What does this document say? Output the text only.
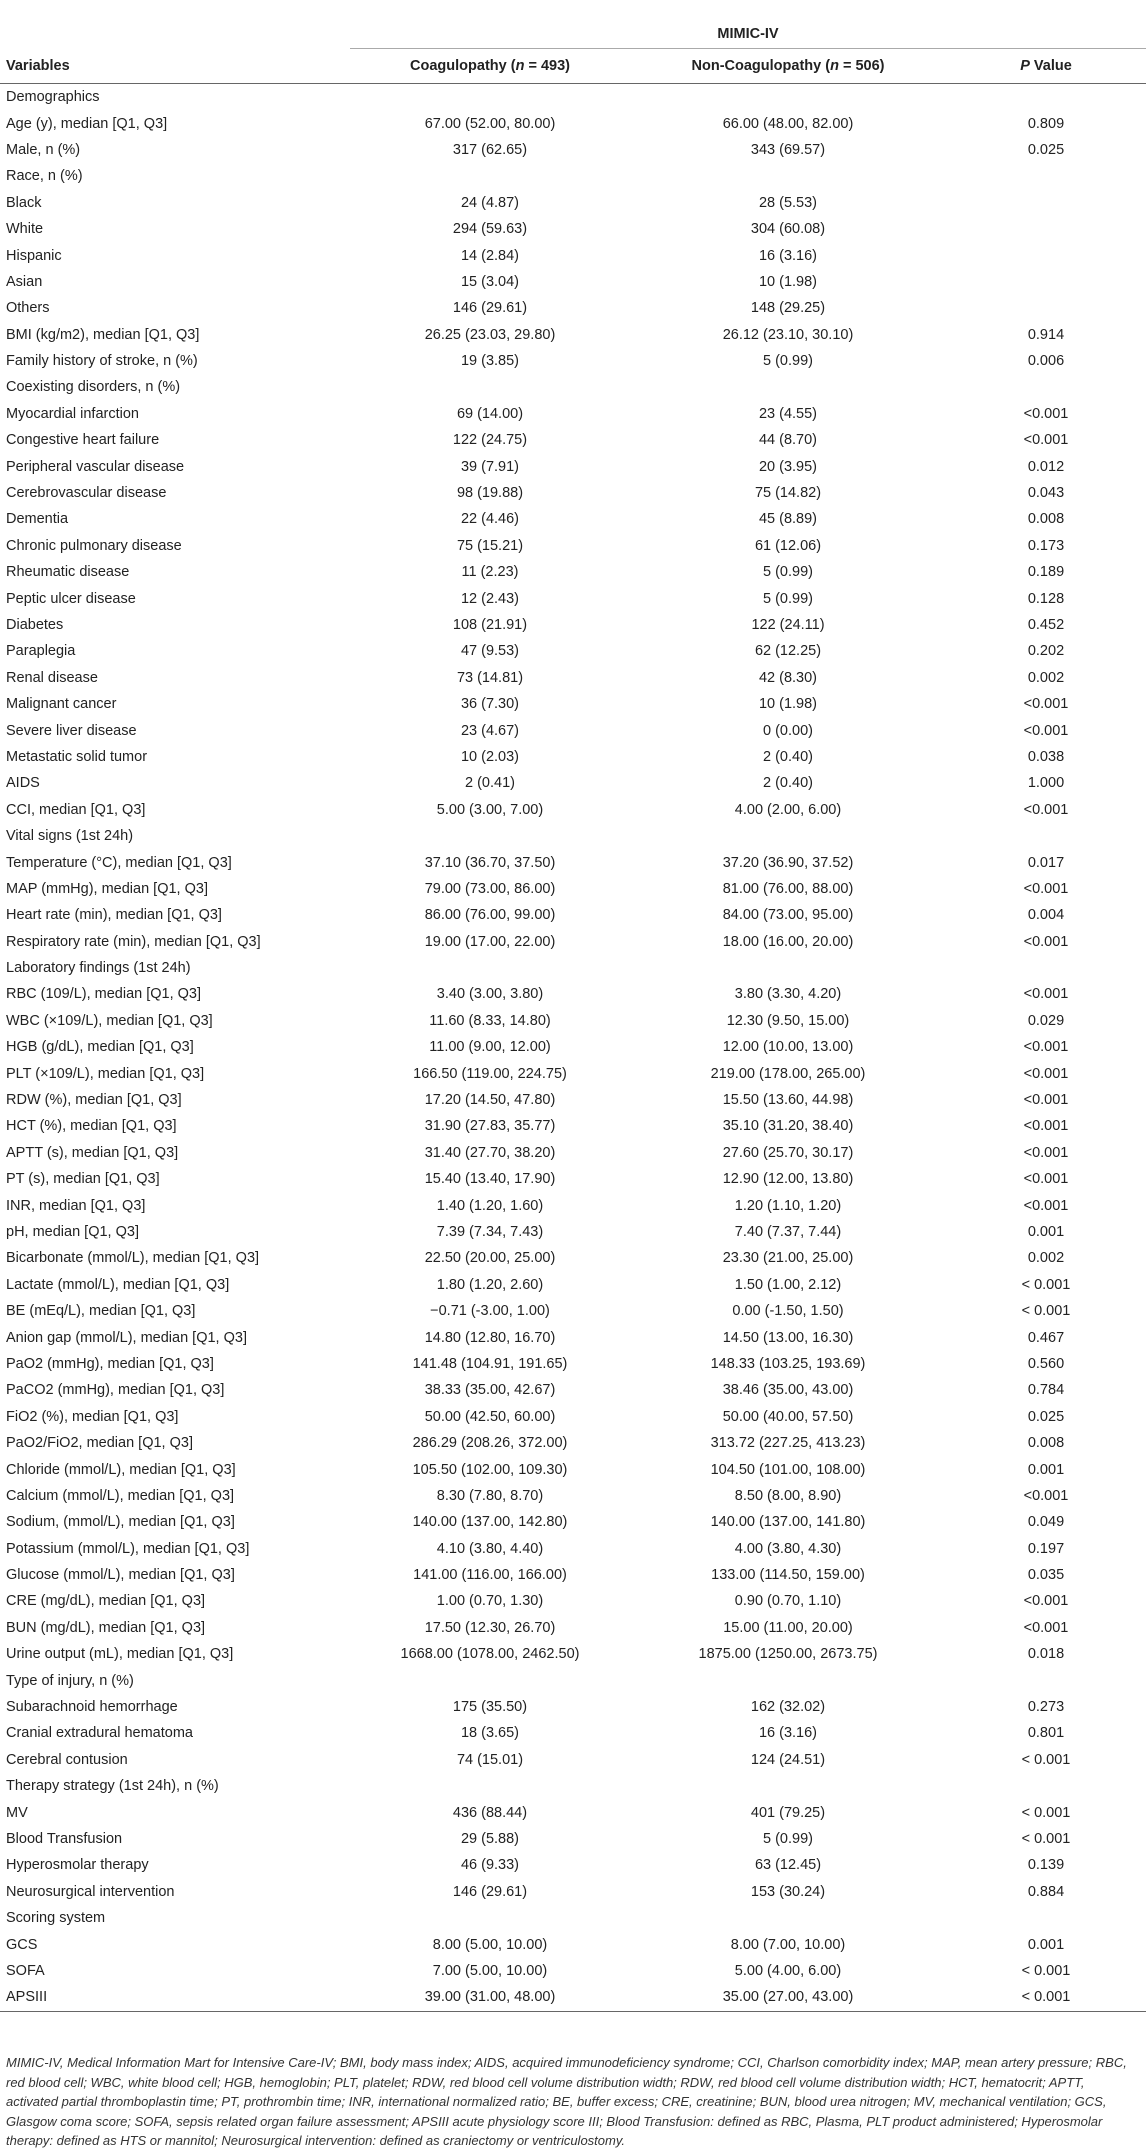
	MIMIC-IV		
Variables	Coagulopathy (n = 493)	Non-Coagulopathy (n = 506)	P Value
Demographics			
Age (y), median [Q1, Q3]	67.00 (52.00, 80.00)	66.00 (48.00, 82.00)	0.809
Male, n (%)	317 (62.65)	343 (69.57)	0.025
Race, n (%)			
Black	24 (4.87)	28 (5.53)	
White	294 (59.63)	304 (60.08)	
Hispanic	14 (2.84)	16 (3.16)	
Asian	15 (3.04)	10 (1.98)	
Others	146 (29.61)	148 (29.25)	
BMI (kg/m2), median [Q1, Q3]	26.25 (23.03, 29.80)	26.12 (23.10, 30.10)	0.914
Family history of stroke, n (%)	19 (3.85)	5 (0.99)	0.006
Coexisting disorders, n (%)			
Myocardial infarction	69 (14.00)	23 (4.55)	<0.001
Congestive heart failure	122 (24.75)	44 (8.70)	<0.001
Peripheral vascular disease	39 (7.91)	20 (3.95)	0.012
Cerebrovascular disease	98 (19.88)	75 (14.82)	0.043
Dementia	22 (4.46)	45 (8.89)	0.008
Chronic pulmonary disease	75 (15.21)	61 (12.06)	0.173
Rheumatic disease	11 (2.23)	5 (0.99)	0.189
Peptic ulcer disease	12 (2.43)	5 (0.99)	0.128
Diabetes	108 (21.91)	122 (24.11)	0.452
Paraplegia	47 (9.53)	62 (12.25)	0.202
Renal disease	73 (14.81)	42 (8.30)	0.002
Malignant cancer	36 (7.30)	10 (1.98)	<0.001
Severe liver disease	23 (4.67)	0 (0.00)	<0.001
Metastatic solid tumor	10 (2.03)	2 (0.40)	0.038
AIDS	2 (0.41)	2 (0.40)	1.000
CCI, median [Q1, Q3]	5.00 (3.00, 7.00)	4.00 (2.00, 6.00)	<0.001
Vital signs (1st 24h)			
Temperature (°C), median [Q1, Q3]	37.10 (36.70, 37.50)	37.20 (36.90, 37.52)	0.017
MAP (mmHg), median [Q1, Q3]	79.00 (73.00, 86.00)	81.00 (76.00, 88.00)	<0.001
Heart rate (min), median [Q1, Q3]	86.00 (76.00, 99.00)	84.00 (73.00, 95.00)	0.004
Respiratory rate (min), median [Q1, Q3]	19.00 (17.00, 22.00)	18.00 (16.00, 20.00)	<0.001
Laboratory findings (1st 24h)			
RBC (109/L), median [Q1, Q3]	3.40 (3.00, 3.80)	3.80 (3.30, 4.20)	<0.001
WBC (×109/L), median [Q1, Q3]	11.60 (8.33, 14.80)	12.30 (9.50, 15.00)	0.029
HGB (g/dL), median [Q1, Q3]	11.00 (9.00, 12.00)	12.00 (10.00, 13.00)	<0.001
PLT (×109/L), median [Q1, Q3]	166.50 (119.00, 224.75)	219.00 (178.00, 265.00)	<0.001
RDW (%), median [Q1, Q3]	17.20 (14.50, 47.80)	15.50 (13.60, 44.98)	<0.001
HCT (%), median [Q1, Q3]	31.90 (27.83, 35.77)	35.10 (31.20, 38.40)	<0.001
APTT (s), median [Q1, Q3]	31.40 (27.70, 38.20)	27.60 (25.70, 30.17)	<0.001
PT (s), median [Q1, Q3]	15.40 (13.40, 17.90)	12.90 (12.00, 13.80)	<0.001
INR, median [Q1, Q3]	1.40 (1.20, 1.60)	1.20 (1.10, 1.20)	<0.001
pH, median [Q1, Q3]	7.39 (7.34, 7.43)	7.40 (7.37, 7.44)	0.001
Bicarbonate (mmol/L), median [Q1, Q3]	22.50 (20.00, 25.00)	23.30 (21.00, 25.00)	0.002
Lactate (mmol/L), median [Q1, Q3]	1.80 (1.20, 2.60)	1.50 (1.00, 2.12)	< 0.001
BE (mEq/L), median [Q1, Q3]	−0.71 (-3.00, 1.00)	0.00 (-1.50, 1.50)	< 0.001
Anion gap (mmol/L), median [Q1, Q3]	14.80 (12.80, 16.70)	14.50 (13.00, 16.30)	0.467
PaO2 (mmHg), median [Q1, Q3]	141.48 (104.91, 191.65)	148.33 (103.25, 193.69)	0.560
PaCO2 (mmHg), median [Q1, Q3]	38.33 (35.00, 42.67)	38.46 (35.00, 43.00)	0.784
FiO2 (%), median [Q1, Q3]	50.00 (42.50, 60.00)	50.00 (40.00, 57.50)	0.025
PaO2/FiO2, median [Q1, Q3]	286.29 (208.26, 372.00)	313.72 (227.25, 413.23)	0.008
Chloride (mmol/L), median [Q1, Q3]	105.50 (102.00, 109.30)	104.50 (101.00, 108.00)	0.001
Calcium (mmol/L), median [Q1, Q3]	8.30 (7.80, 8.70)	8.50 (8.00, 8.90)	<0.001
Sodium, (mmol/L), median [Q1, Q3]	140.00 (137.00, 142.80)	140.00 (137.00, 141.80)	0.049
Potassium (mmol/L), median [Q1, Q3]	4.10 (3.80, 4.40)	4.00 (3.80, 4.30)	0.197
Glucose (mmol/L), median [Q1, Q3]	141.00 (116.00, 166.00)	133.00 (114.50, 159.00)	0.035
CRE (mg/dL), median [Q1, Q3]	1.00 (0.70, 1.30)	0.90 (0.70, 1.10)	<0.001
BUN (mg/dL), median [Q1, Q3]	17.50 (12.30, 26.70)	15.00 (11.00, 20.00)	<0.001
Urine output (mL), median [Q1, Q3]	1668.00 (1078.00, 2462.50)	1875.00 (1250.00, 2673.75)	0.018
Type of injury, n (%)			
Subarachnoid hemorrhage	175 (35.50)	162 (32.02)	0.273
Cranial extradural hematoma	18 (3.65)	16 (3.16)	0.801
Cerebral contusion	74 (15.01)	124 (24.51)	< 0.001
Therapy strategy (1st 24h), n (%)			
MV	436 (88.44)	401 (79.25)	< 0.001
Blood Transfusion	29 (5.88)	5 (0.99)	< 0.001
Hyperosmolar therapy	46 (9.33)	63 (12.45)	0.139
Neurosurgical intervention	146 (29.61)	153 (30.24)	0.884
Scoring system			
GCS	8.00 (5.00, 10.00)	8.00 (7.00, 10.00)	0.001
SOFA	7.00 (5.00, 10.00)	5.00 (4.00, 6.00)	< 0.001
APSIII	39.00 (31.00, 48.00)	35.00 (27.00, 43.00)	< 0.001
MIMIC-IV, Medical Information Mart for Intensive Care-IV; BMI, body mass index; AIDS, acquired immunodeficiency syndrome; CCI, Charlson comorbidity index; MAP, mean artery pressure; RBC, red blood cell; WBC, white blood cell; HGB, hemoglobin; PLT, platelet; RDW, red blood cell volume distribution width; RDW, red blood cell volume distribution width; HCT, hematocrit; APTT, activated partial thromboplastin time; PT, prothrombin time; INR, international normalized ratio; BE, buffer excess; CRE, creatinine; BUN, blood urea nitrogen; MV, mechanical ventilation; GCS, Glasgow coma score; SOFA, sepsis related organ failure assessment; APSIII acute physiology score III; Blood Transfusion: defined as RBC, Plasma, PLT product administered; Hyperosmolar therapy: defined as HTS or mannitol; Neurosurgical intervention: defined as craniectomy or ventriculostomy.
